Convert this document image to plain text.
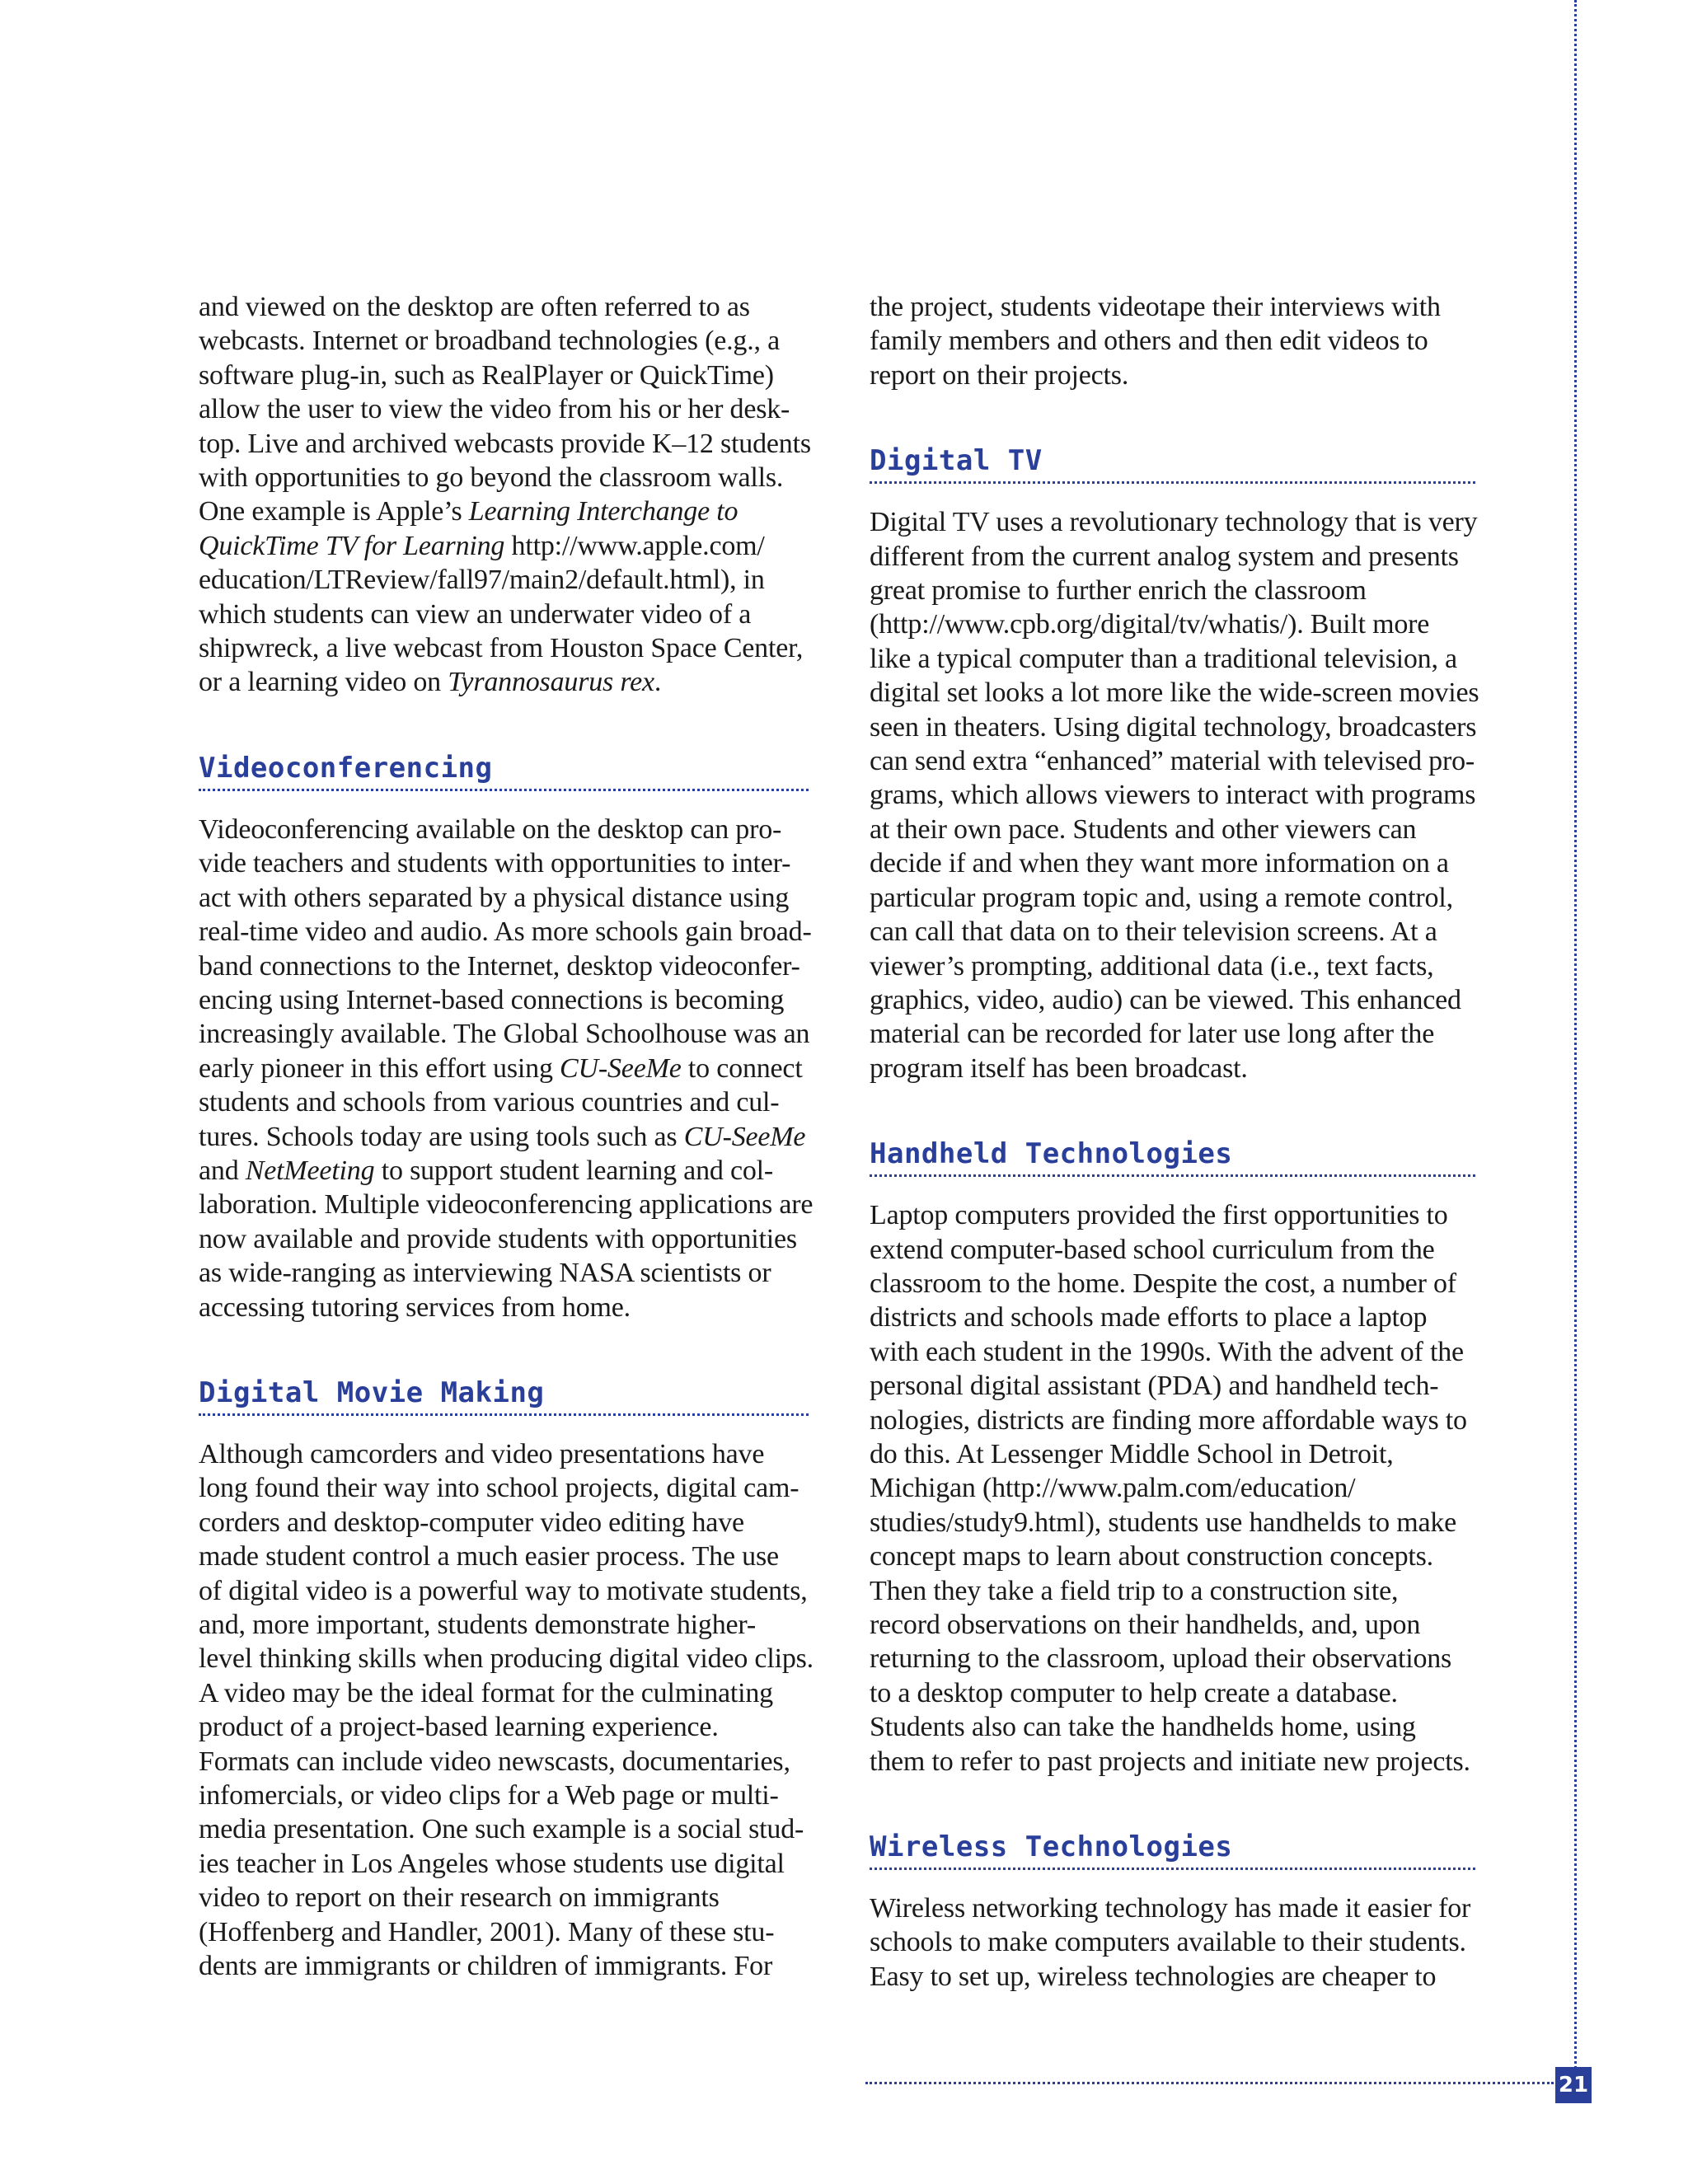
and viewed on the desktop are often referred to as
webcasts. Internet or broadband technologies (e.g., a
software plug-in, such as RealPlayer or QuickTime)
allow the user to view the video from his or her desk-
top. Live and archived webcasts provide K–12 students
with opportunities to go beyond the classroom walls.
One example is Apple’s Learning Interchange to
QuickTime TV for Learning http://www.apple.com/
education/LTReview/fall97/main2/default.html), in
which students can view an underwater video of a
shipwreck, a live webcast from Houston Space Center,
or a learning video on Tyrannosaurus rex.

Videoconferencing

Videoconferencing available on the desktop can pro-
vide teachers and students with opportunities to inter-
act with others separated by a physical distance using
real-time video and audio. As more schools gain broad-
band connections to the Internet, desktop videoconfer-
encing using Internet-based connections is becoming
increasingly available. The Global Schoolhouse was an
early pioneer in this effort using CU-SeeMe to connect
students and schools from various countries and cul-
tures. Schools today are using tools such as CU-SeeMe
and NetMeeting to support student learning and col-
laboration. Multiple videoconferencing applications are
now available and provide students with opportunities
as wide-ranging as interviewing NASA scientists or
accessing tutoring services from home.

Digital Movie Making

Although camcorders and video presentations have
long found their way into school projects, digital cam-
corders and desktop-computer video editing have
made student control a much easier process. The use
of digital video is a powerful way to motivate students,
and, more important, students demonstrate higher-
level thinking skills when producing digital video clips.
A video may be the ideal format for the culminating
product of a project-based learning experience.
Formats can include video newscasts, documentaries,
infomercials, or video clips for a Web page or multi-
media presentation. One such example is a social stud-
ies teacher in Los Angeles whose students use digital
video to report on their research on immigrants
(Hoffenberg and Handler, 2001). Many of these stu-
dents are immigrants or children of immigrants. For

the project, students videotape their interviews with
family members and others and then edit videos to
report on their projects.

Digital TV

Digital TV uses a revolutionary technology that is very
different from the current analog system and presents
great promise to further enrich the classroom
(http://www.cpb.org/digital/tv/whatis/). Built more
like a typical computer than a traditional television, a
digital set looks a lot more like the wide-screen movies
seen in theaters. Using digital technology, broadcasters
can send extra “enhanced” material with televised pro-
grams, which allows viewers to interact with programs
at their own pace. Students and other viewers can
decide if and when they want more information on a
particular program topic and, using a remote control,
can call that data on to their television screens. At a
viewer’s prompting, additional data (i.e., text facts,
graphics, video, audio) can be viewed. This enhanced
material can be recorded for later use long after the
program itself has been broadcast.

Handheld Technologies

Laptop computers provided the first opportunities to
extend computer-based school curriculum from the
classroom to the home. Despite the cost, a number of
districts and schools made efforts to place a laptop
with each student in the 1990s. With the advent of the
personal digital assistant (PDA) and handheld tech-
nologies, districts are finding more affordable ways to
do this. At Lessenger Middle School in Detroit,
Michigan (http://www.palm.com/education/
studies/study9.html), students use handhelds to make
concept maps to learn about construction concepts.
Then they take a field trip to a construction site,
record observations on their handhelds, and, upon
returning to the classroom, upload their observations
to a desktop computer to help create a database.
Students also can take the handhelds home, using
them to refer to past projects and initiate new projects.

Wireless Technologies

Wireless networking technology has made it easier for
schools to make computers available to their students.
Easy to set up, wireless technologies are cheaper to

21
